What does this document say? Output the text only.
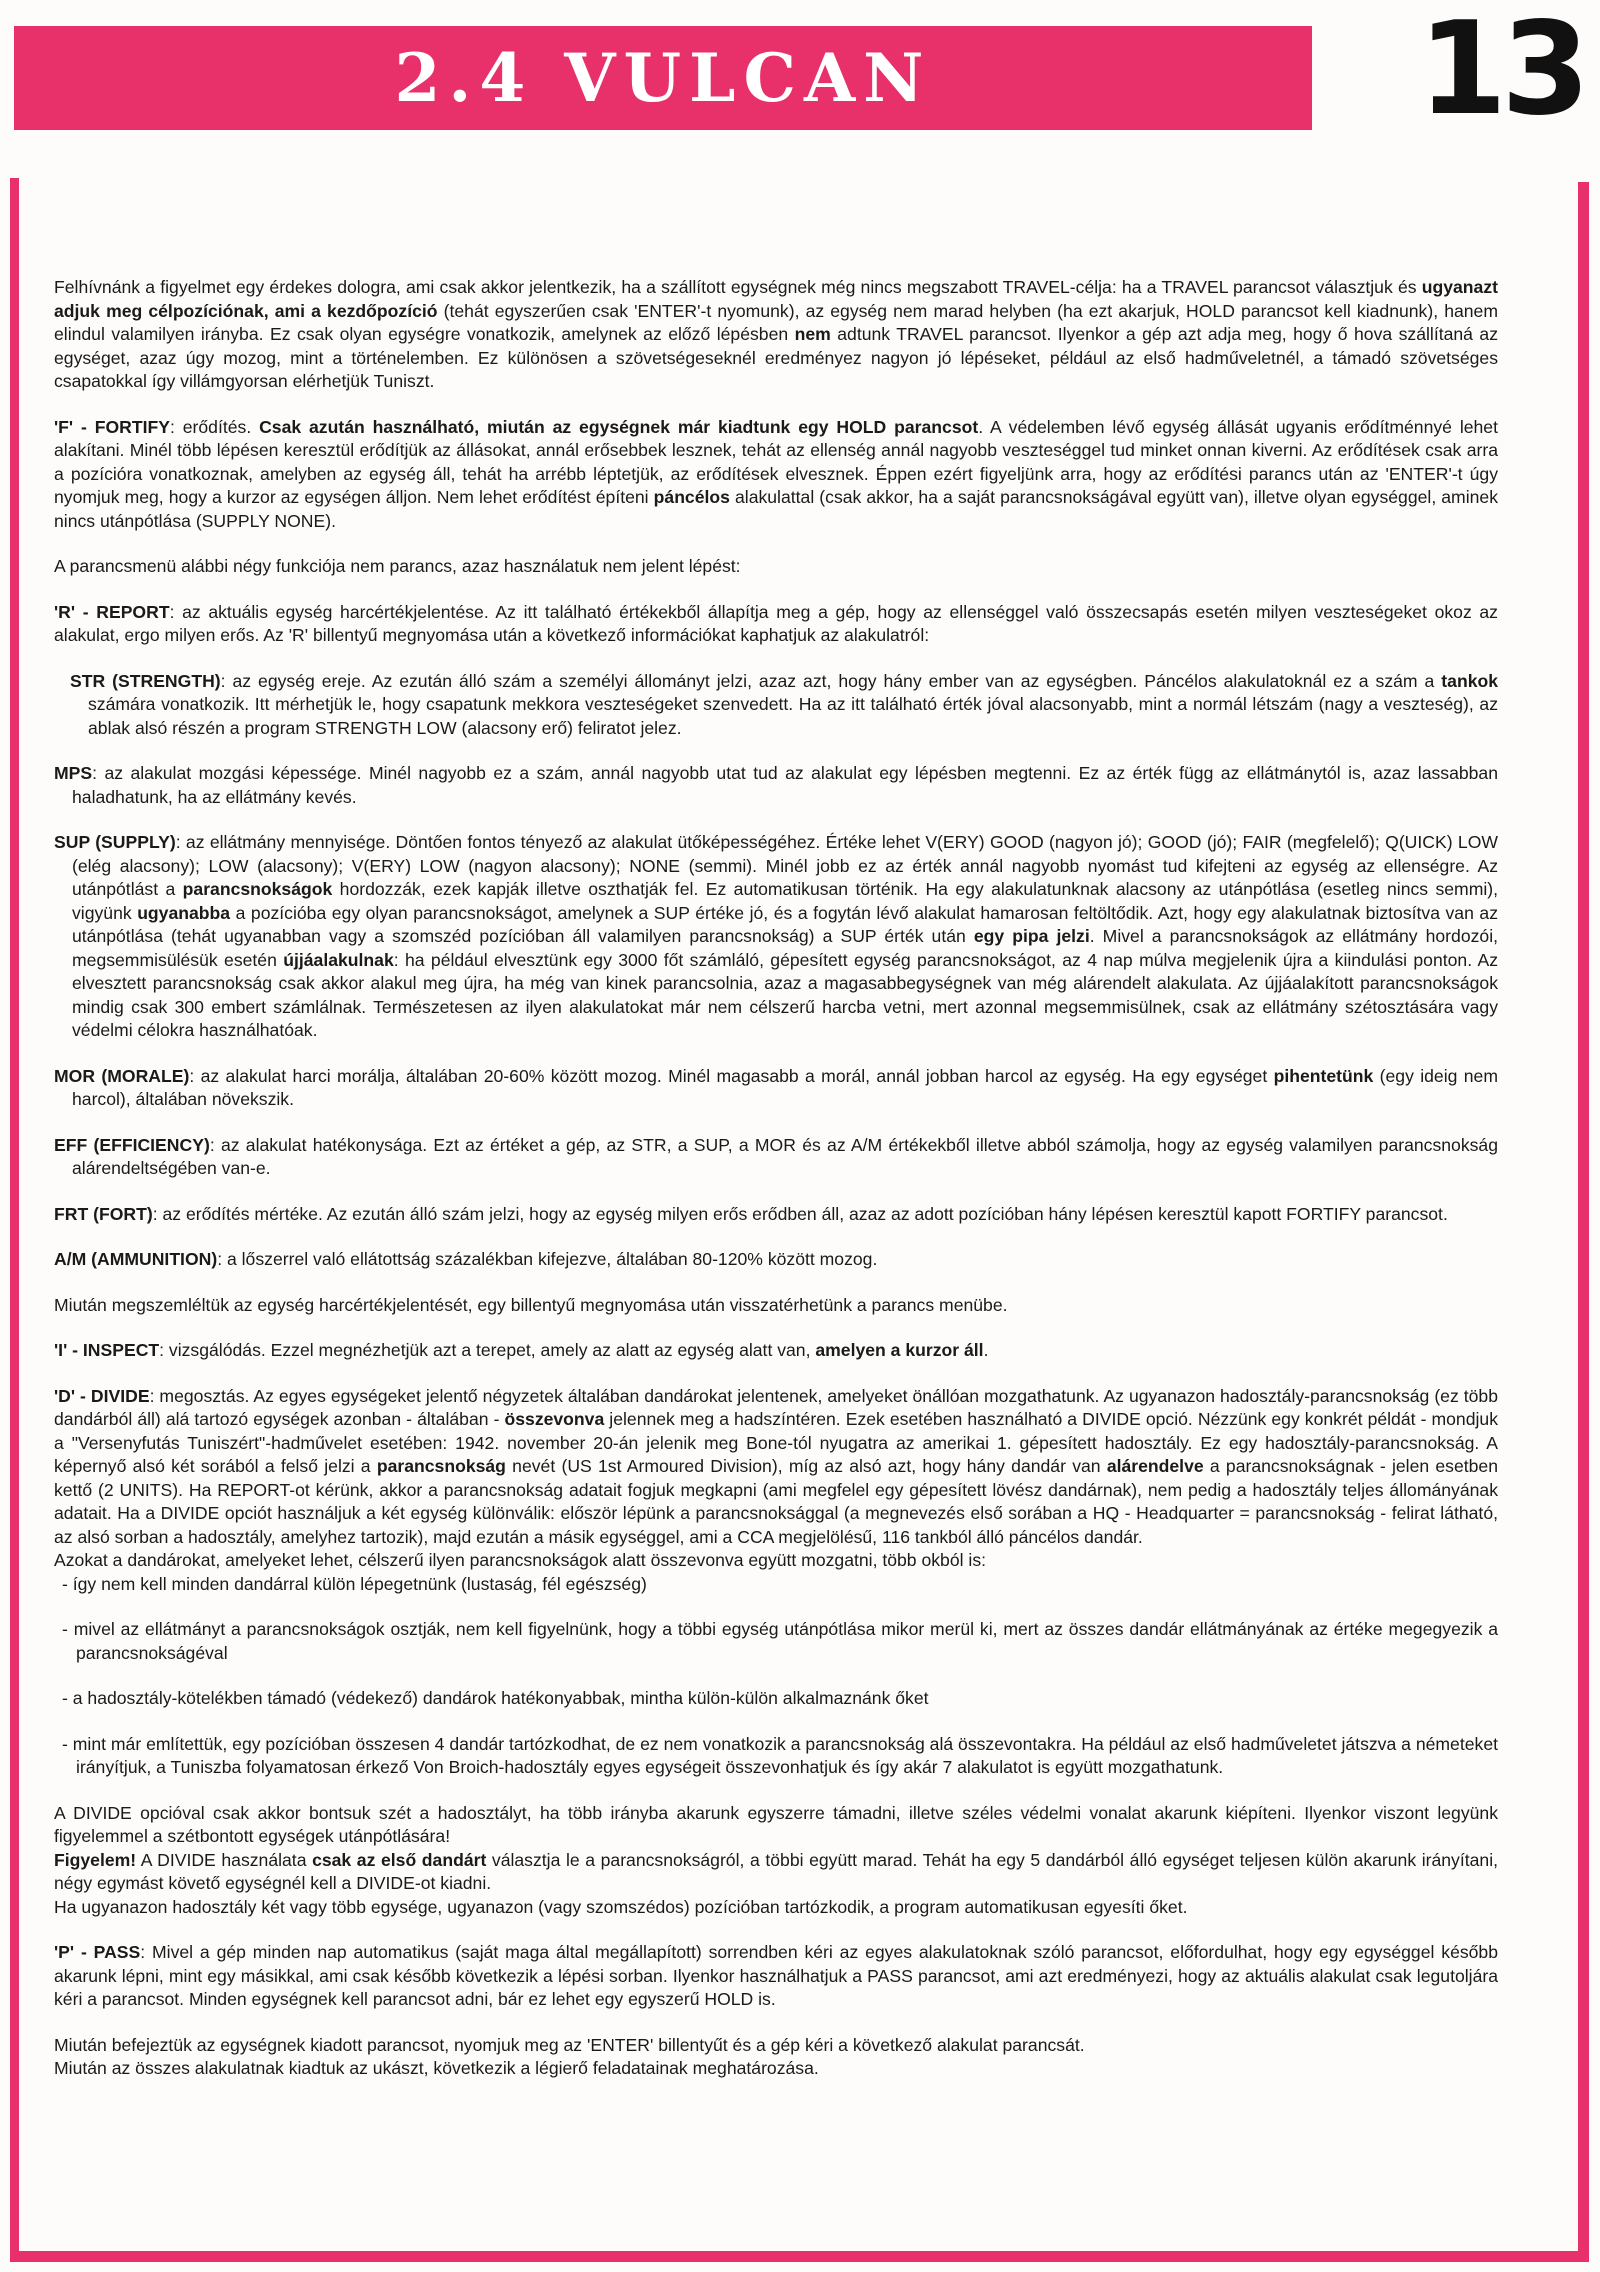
2.4 VULCAN	13

Felhívnánk a figyelmet egy érdekes dologra, ami csak akkor jelentkezik, ha a szállított egységnek még nincs megszabott TRAVEL-célja: ha a TRAVEL parancsot választjuk és ugyanazt adjuk meg célpozíciónak, ami a kezdőpozíció (tehát egyszerűen csak 'ENTER'-t nyomunk), az egység nem marad helyben (ha ezt akarjuk, HOLD parancsot kell kiadnunk), hanem elindul valamilyen irányba. Ez csak olyan egységre vonatkozik, amelynek az előző lépésben nem adtunk TRAVEL parancsot. Ilyenkor a gép azt adja meg, hogy ő hova szállítaná az egységet, azaz úgy mozog, mint a történelemben. Ez különösen a szövetségeseknél eredményez nagyon jó lépéseket, például az első hadműveletnél, a támadó szövetséges csapatokkal így villámgyorsan elérhetjük Tuniszt.

'F' - FORTIFY: erődítés. Csak azután használható, miután az egységnek már kiadtunk egy HOLD parancsot. A védelemben lévő egység állását ugyanis erődítménnyé lehet alakítani. Minél több lépésen keresztül erődítjük az állásokat, annál erősebbek lesznek, tehát az ellenség annál nagyobb veszteséggel tud minket onnan kiverni. Az erődítések csak arra a pozícióra vonatkoznak, amelyben az egység áll, tehát ha arrébb léptetjük, az erődítések elvesznek. Éppen ezért figyeljünk arra, hogy az erődítési parancs után az 'ENTER'-t úgy nyomjuk meg, hogy a kurzor az egységen álljon. Nem lehet erődítést építeni páncélos alakulattal (csak akkor, ha a saját parancsnokságával együtt van), illetve olyan egységgel, aminek nincs utánpótlása (SUPPLY NONE).

A parancsmenü alábbi négy funkciója nem parancs, azaz használatuk nem jelent lépést:

'R' - REPORT: az aktuális egység harcértékjelentése. Az itt található értékekből állapítja meg a gép, hogy az ellenséggel való összecsapás esetén milyen veszteségeket okoz az alakulat, ergo milyen erős. Az 'R' billentyű megnyomása után a következő információkat kaphatjuk az alakulatról:

STR (STRENGTH): az egység ereje. Az ezután álló szám a személyi állományt jelzi, azaz azt, hogy hány ember van az egységben. Páncélos alakulatoknál ez a szám a tankok számára vonatkozik. Itt mérhetjük le, hogy csapatunk mekkora veszteségeket szenvedett. Ha az itt található érték jóval alacsonyabb, mint a normál létszám (nagy a veszteség), az ablak alsó részén a program STRENGTH LOW (alacsony erő) feliratot jelez.

MPS: az alakulat mozgási képessége. Minél nagyobb ez a szám, annál nagyobb utat tud az alakulat egy lépésben megtenni. Ez az érték függ az ellátmánytól is, azaz lassabban haladhatunk, ha az ellátmány kevés.

SUP (SUPPLY): az ellátmány mennyisége. Döntően fontos tényező az alakulat ütőképességéhez. Értéke lehet V(ERY) GOOD (nagyon jó); GOOD (jó); FAIR (megfelelő); Q(UICK) LOW (elég alacsony); LOW (alacsony); V(ERY) LOW (nagyon alacsony); NONE (semmi). Minél jobb ez az érték annál nagyobb nyomást tud kifejteni az egység az ellenségre. Az utánpótlást a parancsnokságok hordozzák, ezek kapják illetve oszthatják fel. Ez automatikusan történik. Ha egy alakulatunknak alacsony az utánpótlása (esetleg nincs semmi), vigyünk ugyanabba a pozícióba egy olyan parancsnokságot, amelynek a SUP értéke jó, és a fogytán lévő alakulat hamarosan feltöltődik. Azt, hogy egy alakulatnak biztosítva van az utánpótlása (tehát ugyanabban vagy a szomszéd pozícióban áll valamilyen parancsnokság) a SUP érték után egy pipa jelzi. Mivel a parancsnokságok az ellátmány hordozói, megsemmisülésük esetén újjáalakulnak: ha például elvesztünk egy 3000 főt számláló, gépesített egység parancsnokságot, az 4 nap múlva megjelenik újra a kiindulási ponton. Az elvesztett parancsnokság csak akkor alakul meg újra, ha még van kinek parancsolnia, azaz a magasabbegységnek van még alárendelt alakulata. Az újjáalakított parancsnokságok mindig csak 300 embert számlálnak. Természetesen az ilyen alakulatokat már nem célszerű harcba vetni, mert azonnal megsemmisülnek, csak az ellátmány szétosztására vagy védelmi célokra használhatóak.

MOR (MORALE): az alakulat harci morálja, általában 20-60% között mozog. Minél magasabb a morál, annál jobban harcol az egység. Ha egy egységet pihentetünk (egy ideig nem harcol), általában növekszik.

EFF (EFFICIENCY): az alakulat hatékonysága. Ezt az értéket a gép, az STR, a SUP, a MOR és az A/M értékekből illetve abból számolja, hogy az egység valamilyen parancsnokság alárendeltségében van-e.

FRT (FORT): az erődítés mértéke. Az ezután álló szám jelzi, hogy az egység milyen erős erődben áll, azaz az adott pozícióban hány lépésen keresztül kapott FORTIFY parancsot.

A/M (AMMUNITION): a lőszerrel való ellátottság százalékban kifejezve, általában 80-120% között mozog.

Miután megszemléltük az egység harcértékjelentését, egy billentyű megnyomása után visszatérhetünk a parancs menübe.

'I' - INSPECT: vizsgálódás. Ezzel megnézhetjük azt a terepet, amely az alatt az egység alatt van, amelyen a kurzor áll.

'D' - DIVIDE: megosztás. Az egyes egységeket jelentő négyzetek általában dandárokat jelentenek, amelyeket önállóan mozgathatunk. Az ugyanazon hadosztály-parancsnokság (ez több dandárból áll) alá tartozó egységek azonban - általában - összevonva jelennek meg a hadszíntéren. Ezek esetében használható a DIVIDE opció. Nézzünk egy konkrét példát - mondjuk a "Versenyfutás Tuniszért"-hadművelet esetében: 1942. november 20-án jelenik meg Bone-tól nyugatra az amerikai 1. gépesített hadosztály. Ez egy hadosztály-parancsnokság. A képernyő alsó két sorából a felső jelzi a parancsnokság nevét (US 1st Armoured Division), míg az alsó azt, hogy hány dandár van alárendelve a parancsnokságnak - jelen esetben kettő (2 UNITS). Ha REPORT-ot kérünk, akkor a parancsnokság adatait fogjuk megkapni (ami megfelel egy gépesített lövész dandárnak), nem pedig a hadosztály teljes állományának adatait. Ha a DIVIDE opciót használjuk a két egység különválik: először lépünk a parancsnoksággal (a megnevezés első sorában a HQ - Headquarter = parancsnokság - felirat látható, az alsó sorban a hadosztály, amelyhez tartozik), majd ezután a másik egységgel, ami a CCA megjelölésű, 116 tankból álló páncélos dandár.

Azokat a dandárokat, amelyeket lehet, célszerű ilyen parancsnokságok alatt összevonva együtt mozgatni, több okból is:

- így nem kell minden dandárral külön lépegetnünk (lustaság, fél egészség)

- mivel az ellátmányt a parancsnokságok osztják, nem kell figyelnünk, hogy a többi egység utánpótlása mikor merül ki, mert az összes dandár ellátmányának az értéke megegyezik a parancsnokságéval

- a hadosztály-kötelékben támadó (védekező) dandárok hatékonyabbak, mintha külön-külön alkalmaznánk őket

- mint már említettük, egy pozícióban összesen 4 dandár tartózkodhat, de ez nem vonatkozik a parancsnokság alá összevontakra. Ha például az első hadműveletet játszva a németeket irányítjuk, a Tuniszba folyamatosan érkező Von Broich-hadosztály egyes egységeit összevonhatjuk és így akár 7 alakulatot is együtt mozgathatunk.

A DIVIDE opcióval csak akkor bontsuk szét a hadosztályt, ha több irányba akarunk egyszerre támadni, illetve széles védelmi vonalat akarunk kiépíteni. Ilyenkor viszont legyünk figyelemmel a szétbontott egységek utánpótlására!

Figyelem! A DIVIDE használata csak az első dandárt választja le a parancsnokságról, a többi együtt marad. Tehát ha egy 5 dandárból álló egységet teljesen külön akarunk irányítani, négy egymást követő egységnél kell a DIVIDE-ot kiadni.

Ha ugyanazon hadosztály két vagy több egysége, ugyanazon (vagy szomszédos) pozícióban tartózkodik, a program automatikusan egyesíti őket.

'P' - PASS: Mivel a gép minden nap automatikus (saját maga által megállapított) sorrendben kéri az egyes alakulatoknak szóló parancsot, előfordulhat, hogy egy egységgel később akarunk lépni, mint egy másikkal, ami csak később következik a lépési sorban. Ilyenkor használhatjuk a PASS parancsot, ami azt eredményezi, hogy az aktuális alakulat csak legutoljára kéri a parancsot. Minden egységnek kell parancsot adni, bár ez lehet egy egyszerű HOLD is.

Miután befejeztük az egységnek kiadott parancsot, nyomjuk meg az 'ENTER' billentyűt és a gép kéri a következő alakulat parancsát.

Miután az összes alakulatnak kiadtuk az ukászt, következik a légierő feladatainak meghatározása.
